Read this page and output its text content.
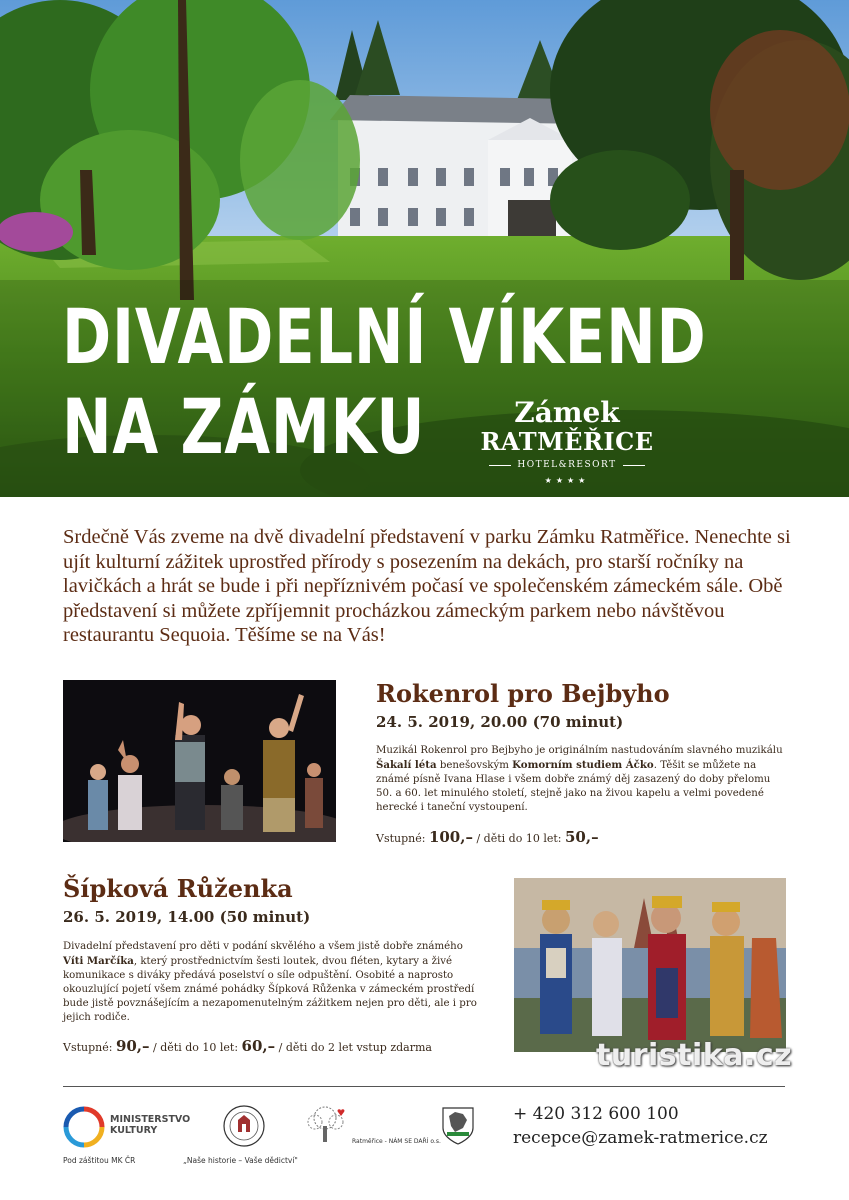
DIVADELNÍ VÍKEND
NA ZÁMKU	Zámek
RATMĚŘICE
HOTEL&RESORT
★★★★

Srdečně Vás zveme na dvě divadelní představení v parku Zámku Ratměřice. Nenechte si ujít kulturní zážitek uprostřed přírody s posezením na dekách, pro starší ročníky na lavičkách a hrát se bude i při nepříznivém počasí ve společenském zámeckém sále. Obě představení si můžete zpříjemnit procházkou zámeckým parkem nebo návštěvou restaurantu Sequoia. Těšíme se na Vás!

Rokenrol pro Bejbyho

24. 5. 2019, 20.00 (70 minut)

Muzikál Rokenrol pro Bejbyho je originálním nastudováním slavného muzikálu Šakalí léta benešovským Komorním studiem Áčko. Těšit se můžete na známé písně Ivana Hlase i všem dobře známý děj zasazený do doby přelomu 50. a 60. let minulého století, stejně jako na živou kapelu a velmi povedené herecké i taneční vystoupení.

Vstupné: 100,– / děti do 10 let: 50,–
Šípková Růženka

26. 5. 2019, 14.00 (50 minut)

Divadelní představení pro děti v podání skvělého a všem jistě dobře známého Víti Marčíka, který prostřednictvím šesti loutek, dvou fléten, kytary a živé komunikace s diváky předává poselství o síle odpuštění. Osobité a naprosto okouzlující pojetí všem známé pohádky Šípková Růženka v zámeckém prostředí bude jistě povznášejícím a nezapomenutelným zážitkem nejen pro děti, ale i pro jejich rodiče.

Vstupné: 90,– / děti do 10 let: 60,– / děti do 2 let vstup zdarma	turistika.cz
MINISTERSTVO
KULTURY
Pod záštitou MK ČR	„Naše historie – Vaše dědictví"
Ratměřice - NÁM SE DAŘÍ o.s.
+ 420 312 600 100
recepce@zamek-ratmerice.cz
